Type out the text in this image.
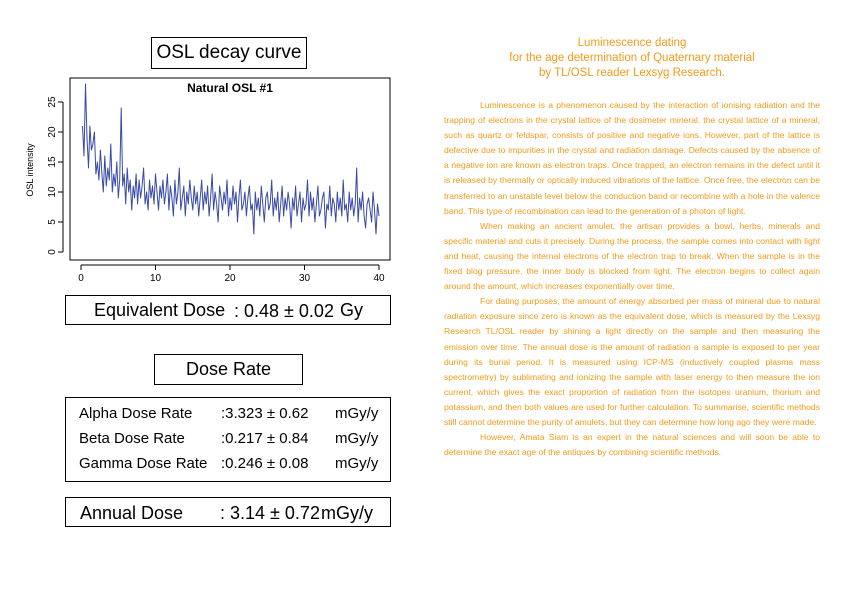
OSL decay curve
Natural OSL #1
OSL intensity
0	10	20	30	40
0
5
10
15
20
25
Equivalent Dose : 0.48 ± 0.02 Gy
Dose Rate
Alpha Dose Rate :3.323 ± 0.62 mGy/y
Beta Dose Rate :0.217 ± 0.84 mGy/y
Gamma Dose Rate :0.246 ± 0.08 mGy/y
Annual Dose : 3.14 ± 0.72 mGy/y
Luminescence dating
for the age determination of Quaternary material
by TL/OSL reader Lexsyg Research.

Luminescence is a phenomenon caused by the interaction of ionising radiation and the trapping of electrons in the crystal lattice of the dosimeter mineral. the crystal lattice of a mineral, such as quartz or feldspar, consists of positive and negative ions. However, part of the lattice is defective due to impurities in the crystal and radiation damage. Defects caused by the absence of a negative ion are known as electron traps. Once trapped, an electron remains in the defect until it is released by thermally or optically induced vibrations of the lattice. Once free, the electron can be transferred to an unstable level below the conduction band or recombine with a hole in the valence band. This type of recombination can lead to the generation of a photon of light.

When making an ancient amulet, the artisan provides a bowl, herbs, minerals and specific material and cuts it precisely. During the process, the sample comes into contact with light and heat, causing the internal electrons of the electron trap to break. When the sample is in the fixed blog pressure, the inner body is blocked from light. The electron begins to collect again around the amount, which increases exponentially over time.

For dating purposes, the amount of energy absorbed per mass of mineral due to natural radiation exposure since zero is known as the equivalent dose, which is measured by the Lexsyg Research TL/OSL reader by shining a light directly on the sample and then measuring the emission over time. The annual dose is the amount of radiation a sample is exposed to per year during its burial period. It is measured using ICP-MS (inductively coupled plasma mass spectrometry) by sublimating and ionizing the sample with laser energy to then measure the ion current, which gives the exact proportion of radiation from the isotopes uranium, thorium and potassium, and then both values are used for further calculation. To summarise, scientific methods still cannot determine the purity of amulets, but they can determine how long ago they were made.

However, Amata Siam is an expert in the natural sciences and will soon be able to determine the exact age of the antiques by combining scientific methods.
